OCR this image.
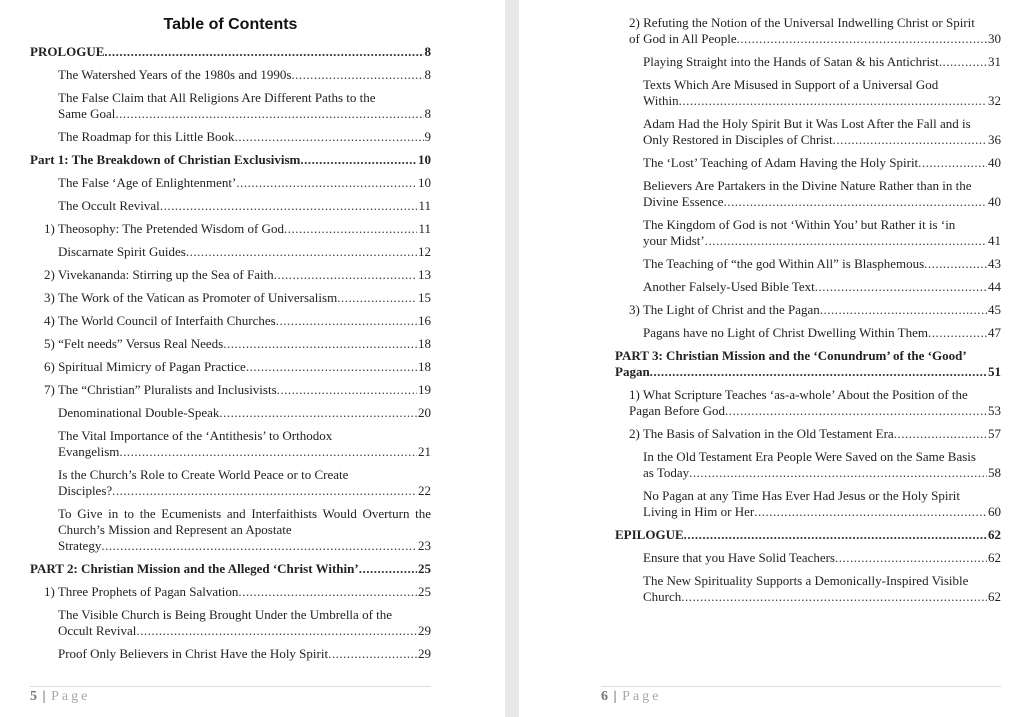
Table of Contents
PROLOGUE .....	8
The Watershed Years of the 1980s and 1990s .....	8
The False Claim that All Religions Are Different Paths to the
Same Goal .....	8
The Roadmap for this Little Book .....	9
Part 1: The Breakdown of Christian Exclusivism .....	10
The False ‘Age of Enlightenment’ .....	10
The Occult Revival .....	11
1) Theosophy: The Pretended Wisdom of God .....	11
Discarnate Spirit Guides .....	12
2) Vivekananda: Stirring up the Sea of Faith .....	13
3) The Work of the Vatican as Promoter of Universalism .....	15
4) The World Council of Interfaith Churches .....	16
5) “Felt needs” Versus Real Needs .....	18
6) Spiritual Mimicry of Pagan Practice .....	18
7) The “Christian” Pluralists and Inclusivists .....	19
Denominational Double-Speak .....	20
The Vital Importance of the ‘Antithesis’ to Orthodox
Evangelism .....	21
Is the Church’s Role to Create World Peace or to Create
Disciples? .....	22
To Give in to the Ecumenists and Interfaithists Would Overturn the Church’s Mission and Represent an Apostate
Strategy .....	23
PART 2: Christian Mission and the Alleged ‘Christ Within’ .....	25
1) Three Prophets of Pagan Salvation .....	25
The Visible Church is Being Brought Under the Umbrella of the
Occult Revival .....	29
Proof Only Believers in Christ Have the Holy Spirit .....	29
5 | Page
2) Refuting the Notion of the Universal Indwelling Christ or Spirit
of God in All People .....	30
Playing Straight into the Hands of Satan & his Antichrist .....	31
Texts Which Are Misused in Support of a Universal God
Within .....	32
Adam Had the Holy Spirit But it Was Lost After the Fall and is
Only Restored in Disciples of Christ .....	36
The ‘Lost’ Teaching of Adam Having the Holy Spirit .....	40
Believers Are Partakers in the Divine Nature Rather than in the
Divine Essence .....	40
The Kingdom of God is not ‘Within You’ but Rather it is ‘in
your Midst’ .....	41
The Teaching of “the god Within All” is Blasphemous .....	43
Another Falsely-Used Bible Text .....	44
3) The Light of Christ and the Pagan .....	45
Pagans have no Light of Christ Dwelling Within Them .....	47
PART 3: Christian Mission and the ‘Conundrum’ of the ‘Good’
Pagan .....	51
1) What Scripture Teaches ‘as-a-whole’ About the Position of the
Pagan Before God .....	53
2) The Basis of Salvation in the Old Testament Era .....	57
In the Old Testament Era People Were Saved on the Same Basis
as Today .....	58
No Pagan at any Time Has Ever Had Jesus or the Holy Spirit
Living in Him or Her .....	60
EPILOGUE .....	62
Ensure that you Have Solid Teachers .....	62
The New Spirituality Supports a Demonically-Inspired Visible
Church .....	62
6 | Page
